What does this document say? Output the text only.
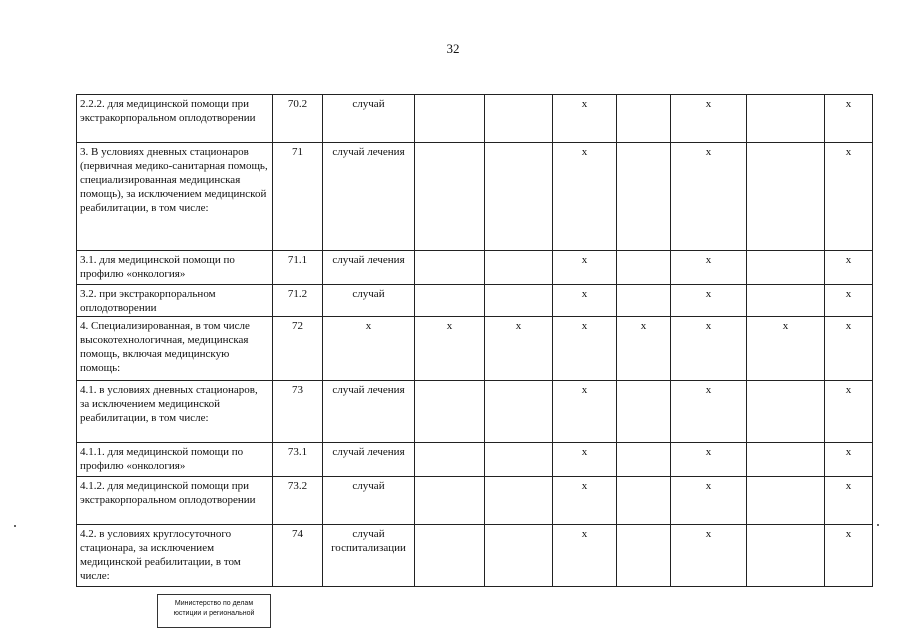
32
2.2.2. для медицинской помощи при экстракорпоральном оплодотворении	70.2	случай			х		х		х
3. В условиях дневных стационаров (первичная медико-санитарная помощь, специализированная медицинская помощь), за исключением медицинской реабилитации, в том числе:	71	случай лечения			х		х		х
3.1. для медицинской помощи по профилю «онкология»	71.1	случай лечения			х		х		х
3.2. при экстракорпоральном оплодотворении	71.2	случай			х		х		х
4. Специализированная, в том числе высокотехнологичная, медицинская помощь, включая медицинскую помощь:	72	х	х	х	х	х	х	х	х
4.1. в условиях дневных стационаров, за исключением медицинской реабилитации, в том числе:	73	случай лечения			х		х		х
4.1.1. для медицинской помощи по профилю «онкология»	73.1	случай лечения			х		х		х
4.1.2. для медицинской помощи при экстракорпоральном оплодотворении	73.2	случай			х		х		х
4.2. в условиях круглосуточного стационара, за исключением медицинской реабилитации, в том числе:	74	случай госпитализации			х		х		х
Министерство по делам
юстиции и региональной
